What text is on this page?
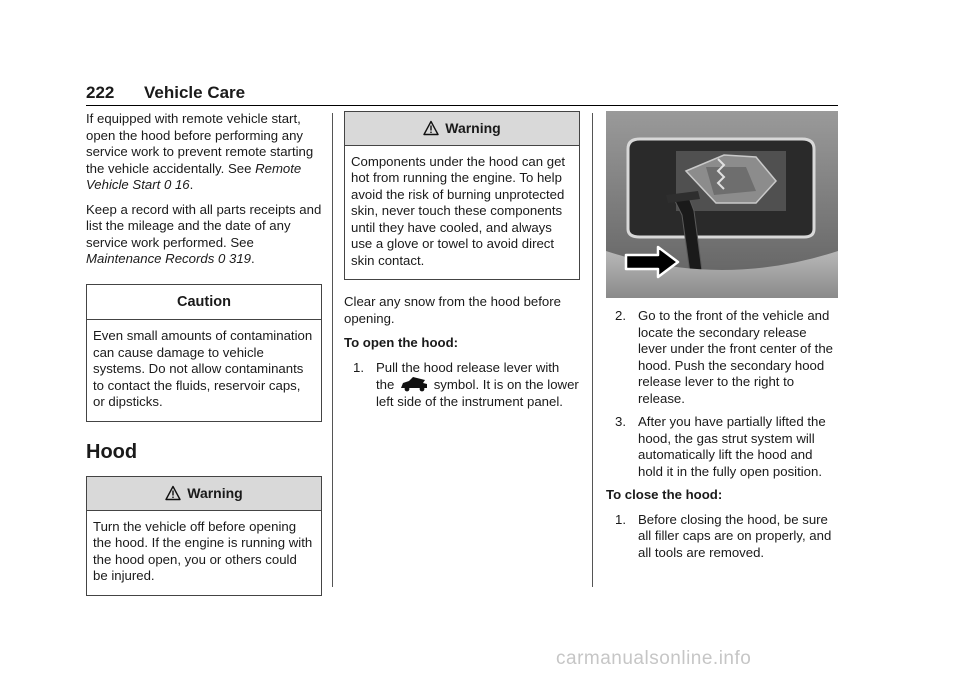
222 Vehicle Care

If equipped with remote vehicle start, open the hood before performing any service work to prevent remote starting the vehicle accidentally. See Remote Vehicle Start 0 16.

Keep a record with all parts receipts and list the mileage and the date of any service work performed. See Maintenance Records 0 319.

Caution
Even small amounts of contamination can cause damage to vehicle systems. Do not allow contaminants to contact the fluids, reservoir caps, or dipsticks.
Hood
Warning
Turn the vehicle off before opening the hood. If the engine is running with the hood open, you or others could be injured.
Warning
Components under the hood can get hot from running the engine. To help avoid the risk of burning unprotected skin, never touch these components until they have cooled, and always use a glove or towel to avoid direct skin contact.

Clear any snow from the hood before opening.

To open the hood:

1. Pull the hood release lever with the	symbol. It is on the lower left side of the instrument panel.
2. Go to the front of the vehicle and locate the secondary release lever under the front center of the hood. Push the secondary hood release lever to the right to release.
3. After you have partially lifted the hood, the gas strut system will automatically lift the hood and hold it in the fully open position.

To close the hood:

1. Before closing the hood, be sure all filler caps are on properly, and all tools are removed.
carmanualsonline.info
